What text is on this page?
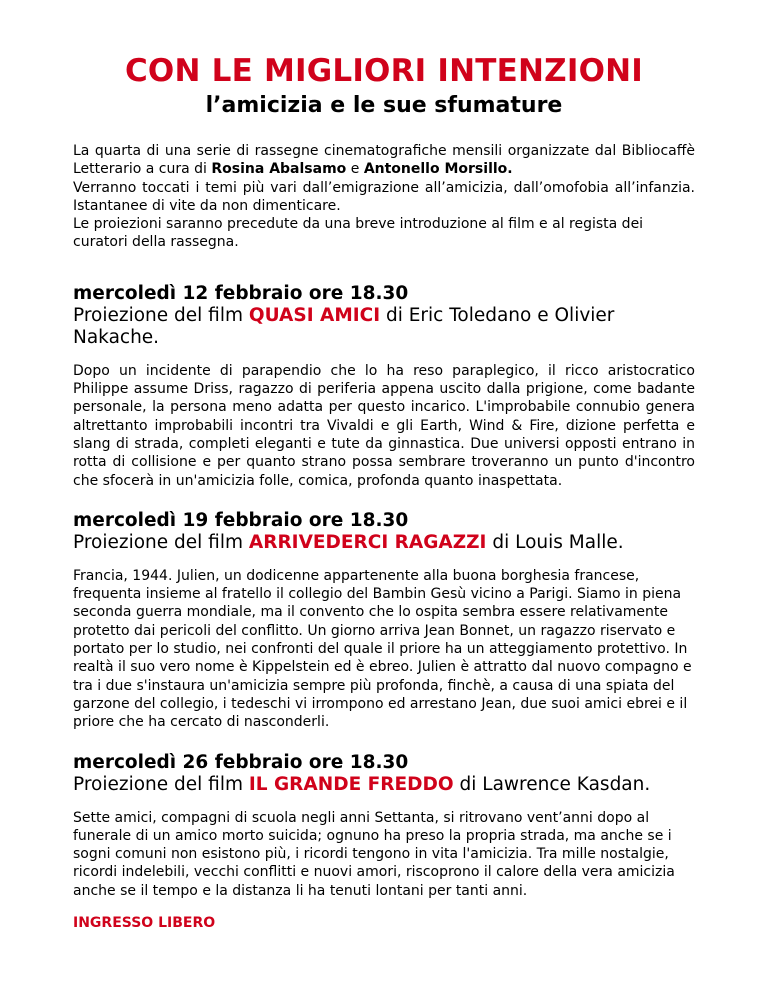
CON LE MIGLIORI INTENZIONI
l’amicizia e le sue sfumature

La quarta di una serie di rassegne cinematografiche mensili organizzate dal Bibliocaffè Letterario a cura di Rosina Abalsamo e Antonello Morsillo.

Verranno toccati i temi più vari dall’emigrazione all’amicizia, dall’omofobia all’infanzia. Istantanee di vite da non dimenticare.

Le proiezioni saranno precedute da una breve introduzione al film e al regista dei curatori della rassegna.

mercoledì 12 febbraio ore 18.30

Proiezione del film QUASI AMICI di Eric Toledano e Olivier Nakache.

Dopo un incidente di parapendio che lo ha reso paraplegico, il ricco aristocratico Philippe assume Driss, ragazzo di periferia appena uscito dalla prigione, come badante personale, la persona meno adatta per questo incarico. L'improbabile connubio genera altrettanto improbabili incontri tra Vivaldi e gli Earth, Wind & Fire, dizione perfetta e slang di strada, completi eleganti e tute da ginnastica. Due universi opposti entrano in rotta di collisione e per quanto strano possa sembrare troveranno un punto d'incontro che sfocerà in un'amicizia folle, comica, profonda quanto inaspettata.

mercoledì 19 febbraio ore 18.30

Proiezione del film ARRIVEDERCI RAGAZZI di Louis Malle.

Francia, 1944. Julien, un dodicenne appartenente alla buona borghesia francese, frequenta insieme al fratello il collegio del Bambin Gesù vicino a Parigi. Siamo in piena seconda guerra mondiale, ma il convento che lo ospita sembra essere relativamente protetto dai pericoli del conflitto. Un giorno arriva Jean Bonnet, un ragazzo riservato e portato per lo studio, nei confronti del quale il priore ha un atteggiamento protettivo. In realtà il suo vero nome è Kippelstein ed è ebreo. Julien è attratto dal nuovo compagno e tra i due s'instaura un'amicizia sempre più profonda, finchè, a causa di una spiata del garzone del collegio, i tedeschi vi irrompono ed arrestano Jean, due suoi amici ebrei e il priore che ha cercato di nasconderli.

mercoledì 26 febbraio ore 18.30

Proiezione del film IL GRANDE FREDDO di Lawrence Kasdan.

Sette amici, compagni di scuola negli anni Settanta, si ritrovano vent’anni dopo al funerale di un amico morto suicida; ognuno ha preso la propria strada, ma anche se i sogni comuni non esistono più, i ricordi tengono in vita l'amicizia. Tra mille nostalgie, ricordi indelebili, vecchi conflitti e nuovi amori, riscoprono il calore della vera amicizia anche se il tempo e la distanza li ha tenuti lontani per tanti anni.

INGRESSO LIBERO
